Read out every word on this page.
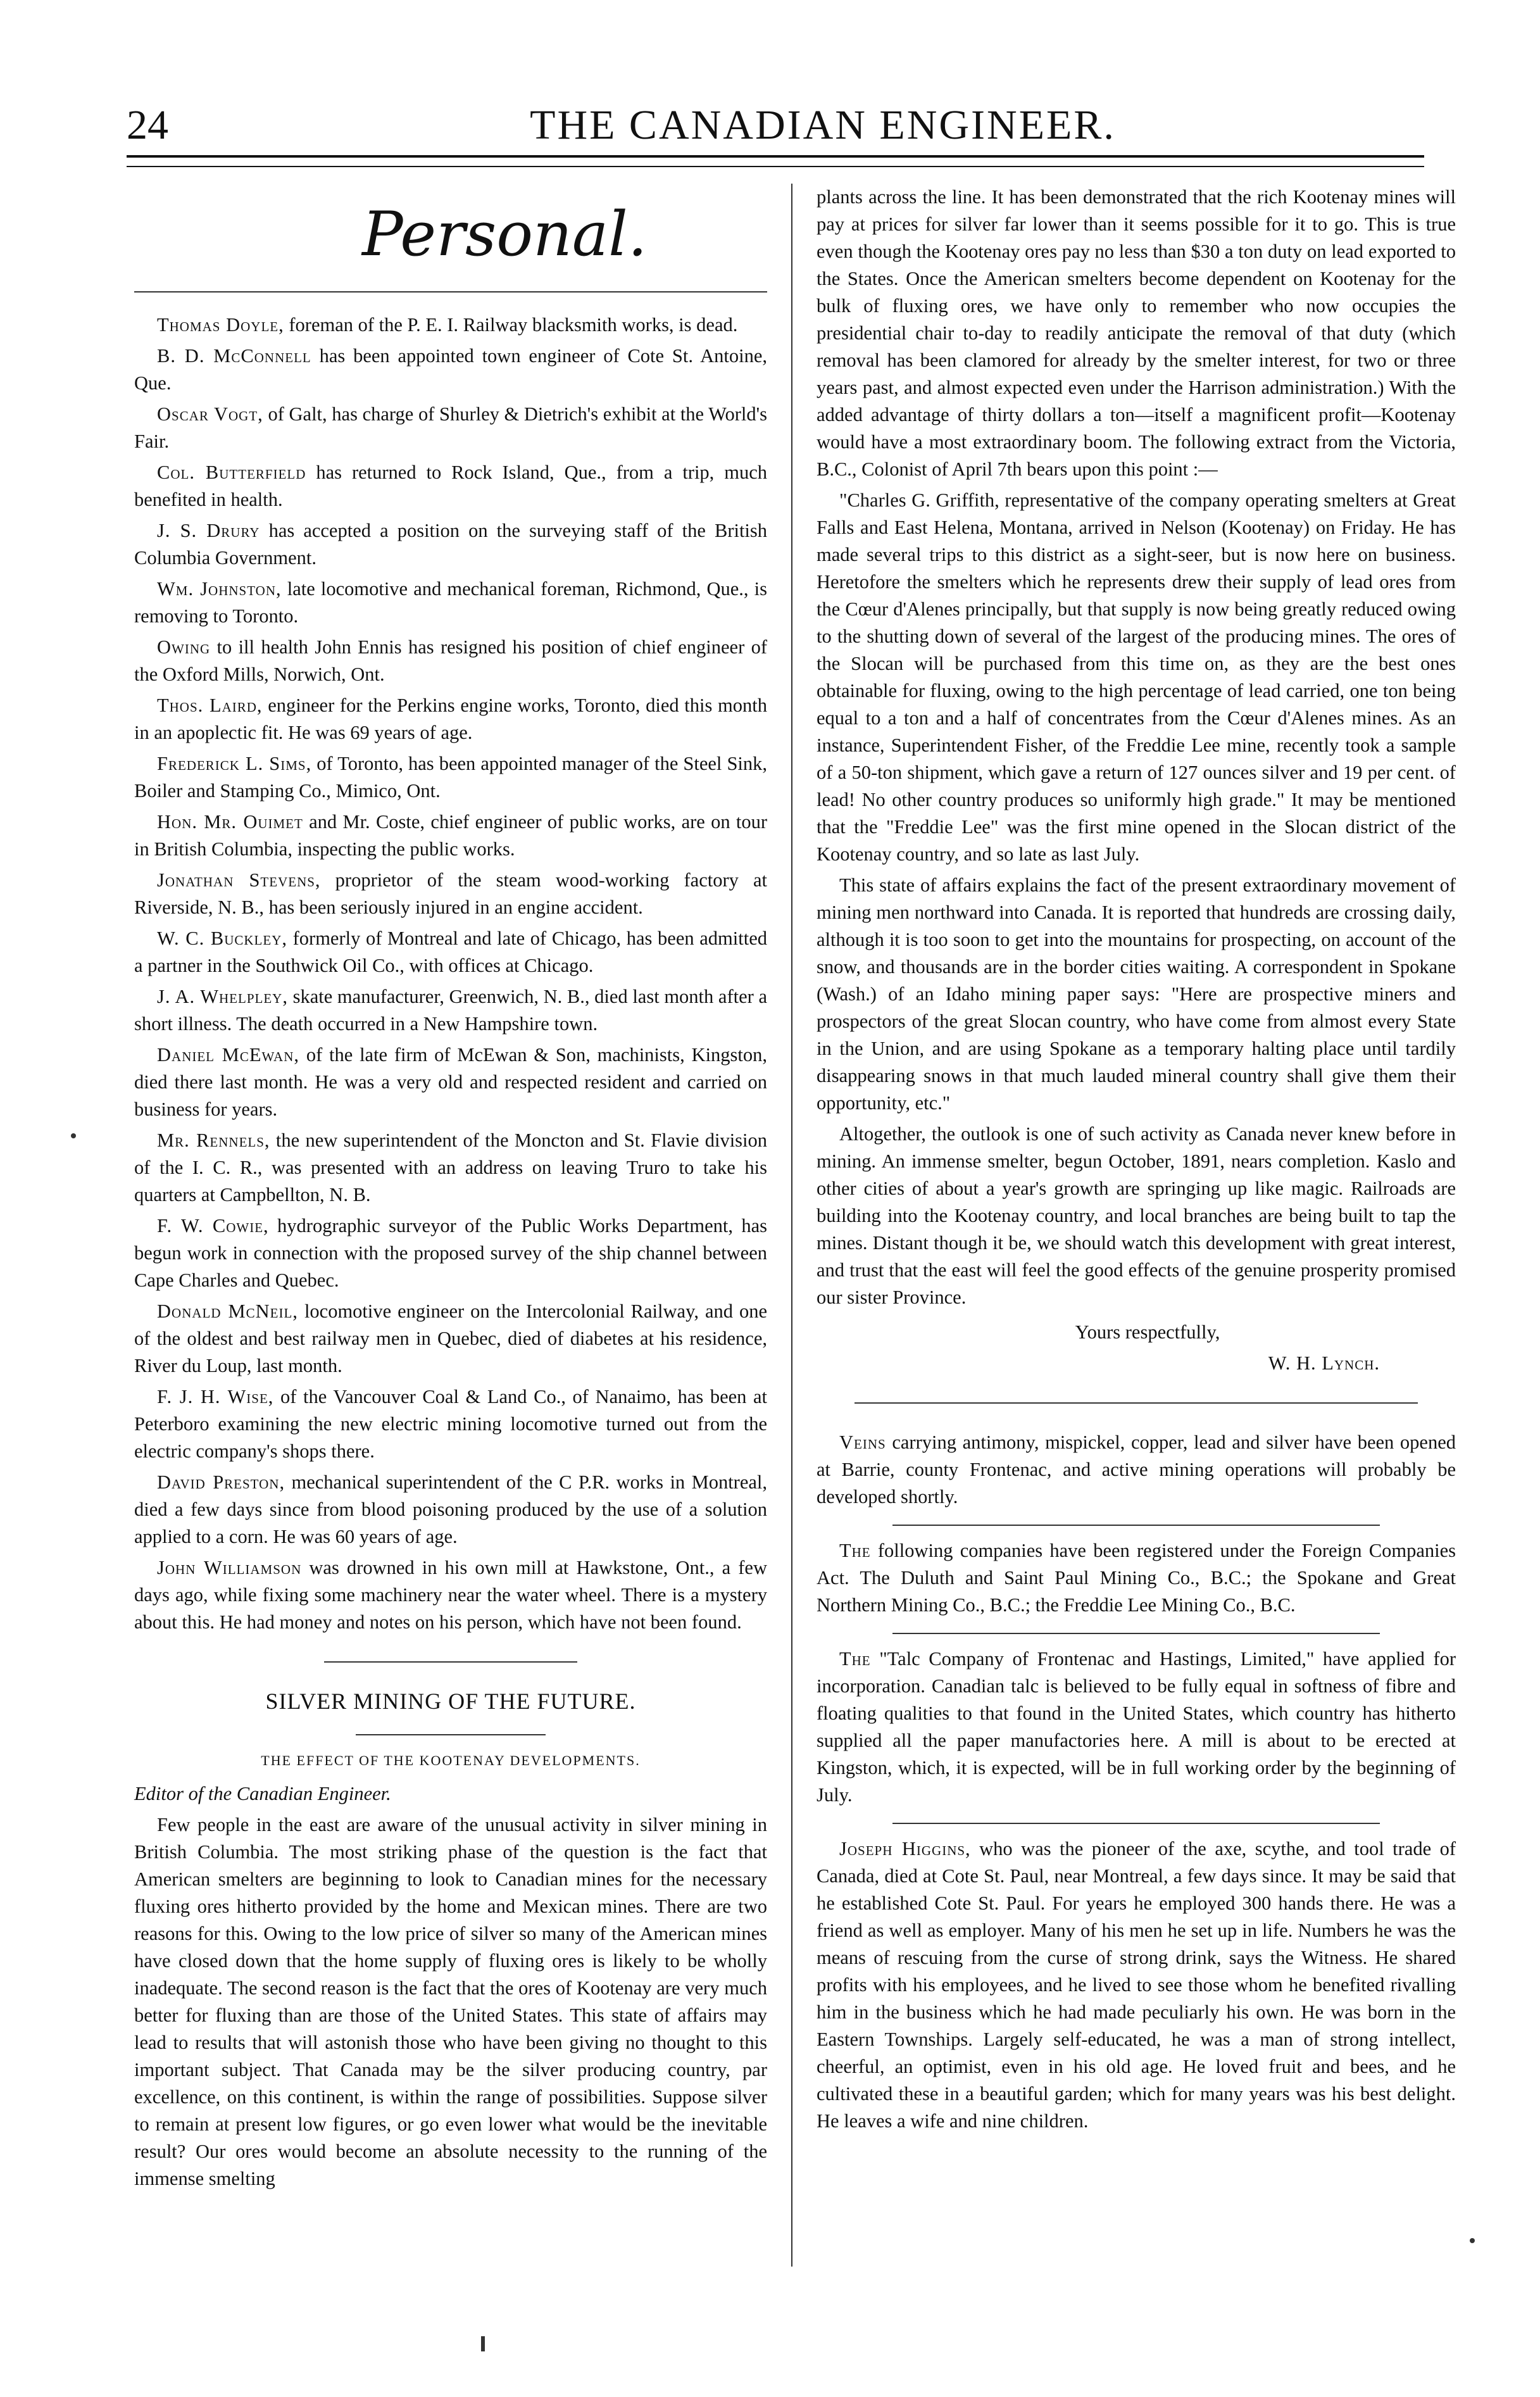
24	THE CANADIAN ENGINEER.
Personal.

Thomas Doyle, foreman of the P. E. I. Railway blacksmith works, is dead.

B. D. McConnell has been appointed town engineer of Cote St. Antoine, Que.

Oscar Vogt, of Galt, has charge of Shurley & Dietrich's exhibit at the World's Fair.

Col. Butterfield has returned to Rock Island, Que., from a trip, much benefited in health.

J. S. Drury has accepted a position on the surveying staff of the British Columbia Government.

Wm. Johnston, late locomotive and mechanical foreman, Richmond, Que., is removing to Toronto.

Owing to ill health John Ennis has resigned his position of chief engineer of the Oxford Mills, Norwich, Ont.

Thos. Laird, engineer for the Perkins engine works, Toronto, died this month in an apoplectic fit. He was 69 years of age.

Frederick L. Sims, of Toronto, has been appointed manager of the Steel Sink, Boiler and Stamping Co., Mimico, Ont.

Hon. Mr. Ouimet and Mr. Coste, chief engineer of public works, are on tour in British Columbia, inspecting the public works.

Jonathan Stevens, proprietor of the steam wood-working factory at Riverside, N. B., has been seriously injured in an engine accident.

W. C. Buckley, formerly of Montreal and late of Chicago, has been admitted a partner in the Southwick Oil Co., with offices at Chicago.

J. A. Whelpley, skate manufacturer, Greenwich, N. B., died last month after a short illness. The death occurred in a New Hampshire town.

Daniel McEwan, of the late firm of McEwan & Son, machinists, Kingston, died there last month. He was a very old and respected resident and carried on business for years.

Mr. Rennels, the new superintendent of the Moncton and St. Flavie division of the I. C. R., was presented with an address on leaving Truro to take his quarters at Campbellton, N. B.

F. W. Cowie, hydrographic surveyor of the Public Works Department, has begun work in connection with the proposed survey of the ship channel between Cape Charles and Quebec.

Donald McNeil, locomotive engineer on the Intercolonial Railway, and one of the oldest and best railway men in Quebec, died of diabetes at his residence, River du Loup, last month.

F. J. H. Wise, of the Vancouver Coal & Land Co., of Nanaimo, has been at Peterboro examining the new electric mining locomotive turned out from the electric company's shops there.

David Preston, mechanical superintendent of the C P.R. works in Montreal, died a few days since from blood poisoning produced by the use of a solution applied to a corn. He was 60 years of age.

John Williamson was drowned in his own mill at Hawkstone, Ont., a few days ago, while fixing some machinery near the water wheel. There is a mystery about this. He had money and notes on his person, which have not been found.

SILVER MINING OF THE FUTURE.
THE EFFECT OF THE KOOTENAY DEVELOPMENTS.

Editor of the Canadian Engineer.

Few people in the east are aware of the unusual activity in silver mining in British Columbia. The most striking phase of the question is the fact that American smelters are beginning to look to Canadian mines for the necessary fluxing ores hitherto provided by the home and Mexican mines. There are two reasons for this. Owing to the low price of silver so many of the American mines have closed down that the home supply of fluxing ores is likely to be wholly inadequate. The second reason is the fact that the ores of Kootenay are very much better for fluxing than are those of the United States. This state of affairs may lead to results that will astonish those who have been giving no thought to this important subject. That Canada may be the silver producing country, par excellence, on this continent, is within the range of possibilities. Suppose silver to remain at present low figures, or go even lower what would be the inevitable result? Our ores would become an absolute necessity to the running of the immense smelting

plants across the line. It has been demonstrated that the rich Kootenay mines will pay at prices for silver far lower than it seems possible for it to go. This is true even though the Kootenay ores pay no less than $30 a ton duty on lead exported to the States. Once the American smelters become dependent on Kootenay for the bulk of fluxing ores, we have only to remember who now occupies the presidential chair to-day to readily anticipate the removal of that duty (which removal has been clamored for already by the smelter interest, for two or three years past, and almost expected even under the Harrison administration.) With the added advantage of thirty dollars a ton—itself a magnificent profit—Kootenay would have a most extraordinary boom. The following extract from the Victoria, B.C., Colonist of April 7th bears upon this point :—

"Charles G. Griffith, representative of the company operating smelters at Great Falls and East Helena, Montana, arrived in Nelson (Kootenay) on Friday. He has made several trips to this district as a sight-seer, but is now here on business. Heretofore the smelters which he represents drew their supply of lead ores from the Cœur d'Alenes principally, but that supply is now being greatly reduced owing to the shutting down of several of the largest of the producing mines. The ores of the Slocan will be purchased from this time on, as they are the best ones obtainable for fluxing, owing to the high percentage of lead carried, one ton being equal to a ton and a half of concentrates from the Cœur d'Alenes mines. As an instance, Superintendent Fisher, of the Freddie Lee mine, recently took a sample of a 50-ton shipment, which gave a return of 127 ounces silver and 19 per cent. of lead! No other country produces so uniformly high grade." It may be mentioned that the "Freddie Lee" was the first mine opened in the Slocan district of the Kootenay country, and so late as last July.

This state of affairs explains the fact of the present extraordinary movement of mining men northward into Canada. It is reported that hundreds are crossing daily, although it is too soon to get into the mountains for prospecting, on account of the snow, and thousands are in the border cities waiting. A correspondent in Spokane (Wash.) of an Idaho mining paper says: "Here are prospective miners and prospectors of the great Slocan country, who have come from almost every State in the Union, and are using Spokane as a temporary halting place until tardily disappearing snows in that much lauded mineral country shall give them their opportunity, etc."

Altogether, the outlook is one of such activity as Canada never knew before in mining. An immense smelter, begun October, 1891, nears completion. Kaslo and other cities of about a year's growth are springing up like magic. Railroads are building into the Kootenay country, and local branches are being built to tap the mines. Distant though it be, we should watch this development with great interest, and trust that the east will feel the good effects of the genuine prosperity promised our sister Province.

Yours respectfully,

W. H. Lynch.

Veins carrying antimony, mispickel, copper, lead and silver have been opened at Barrie, county Frontenac, and active mining operations will probably be developed shortly.

The following companies have been registered under the Foreign Companies Act. The Duluth and Saint Paul Mining Co., B.C.; the Spokane and Great Northern Mining Co., B.C.; the Freddie Lee Mining Co., B.C.

The "Talc Company of Frontenac and Hastings, Limited," have applied for incorporation. Canadian talc is believed to be fully equal in softness of fibre and floating qualities to that found in the United States, which country has hitherto supplied all the paper manufactories here. A mill is about to be erected at Kingston, which, it is expected, will be in full working order by the beginning of July.

Joseph Higgins, who was the pioneer of the axe, scythe, and tool trade of Canada, died at Cote St. Paul, near Montreal, a few days since. It may be said that he established Cote St. Paul. For years he employed 300 hands there. He was a friend as well as employer. Many of his men he set up in life. Numbers he was the means of rescuing from the curse of strong drink, says the Witness. He shared profits with his employees, and he lived to see those whom he benefited rivalling him in the business which he had made peculiarly his own. He was born in the Eastern Townships. Largely self-educated, he was a man of strong intellect, cheerful, an optimist, even in his old age. He loved fruit and bees, and he cultivated these in a beautiful garden; which for many years was his best delight. He leaves a wife and nine children.
